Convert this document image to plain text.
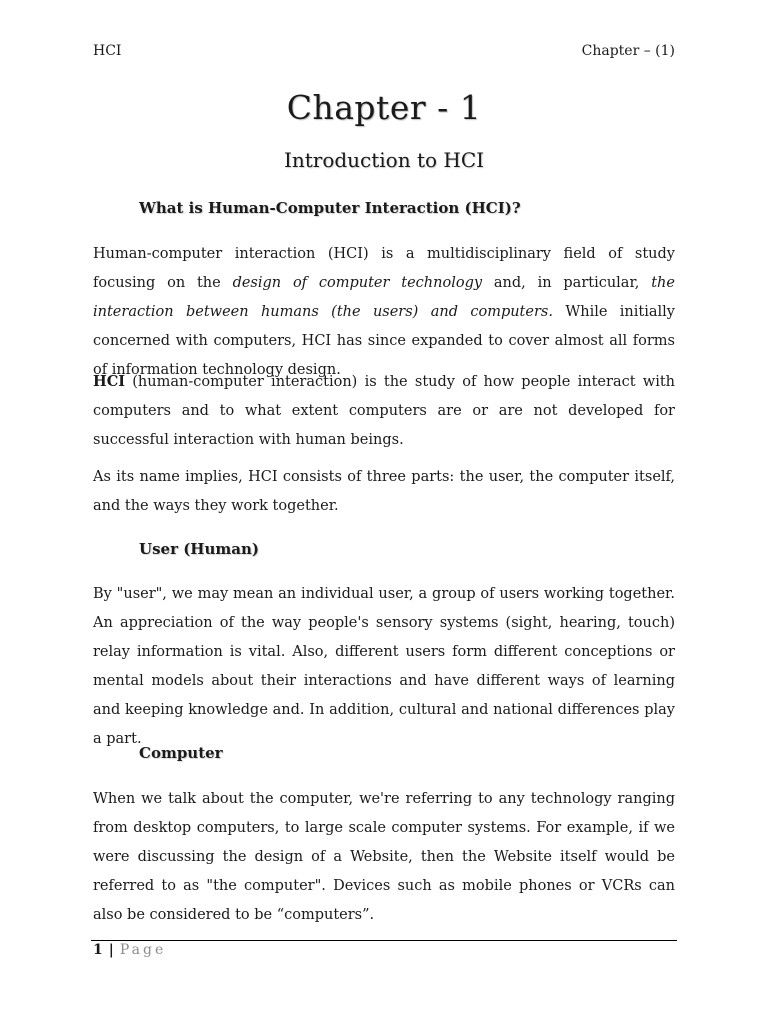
HCI	Chapter – (1)
Chapter - 1
Introduction to HCI
What is Human-Computer Interaction (HCI)?
Human-computer interaction (HCI) is a multidisciplinary field of study focusing on the design of computer technology and, in particular, the interaction between humans (the users) and computers. While initially concerned with computers, HCI has since expanded to cover almost all forms of information technology design.
HCI (human-computer interaction) is the study of how people interact with computers and to what extent computers are or are not developed for successful interaction with human beings.
As its name implies, HCI consists of three parts: the user, the computer itself, and the ways they work together.
User (Human)
By "user", we may mean an individual user, a group of users working together. An appreciation of the way people's sensory systems (sight, hearing, touch) relay information is vital. Also, different users form different conceptions or mental models about their interactions and have different ways of learning and keeping knowledge and. In addition, cultural and national differences play a part.
Computer
When we talk about the computer, we're referring to any technology ranging from desktop computers, to large scale computer systems. For example, if we were discussing the design of a Website, then the Website itself would be referred to as "the computer". Devices such as mobile phones or VCRs can also be considered to be “computers”.
1 | Page
